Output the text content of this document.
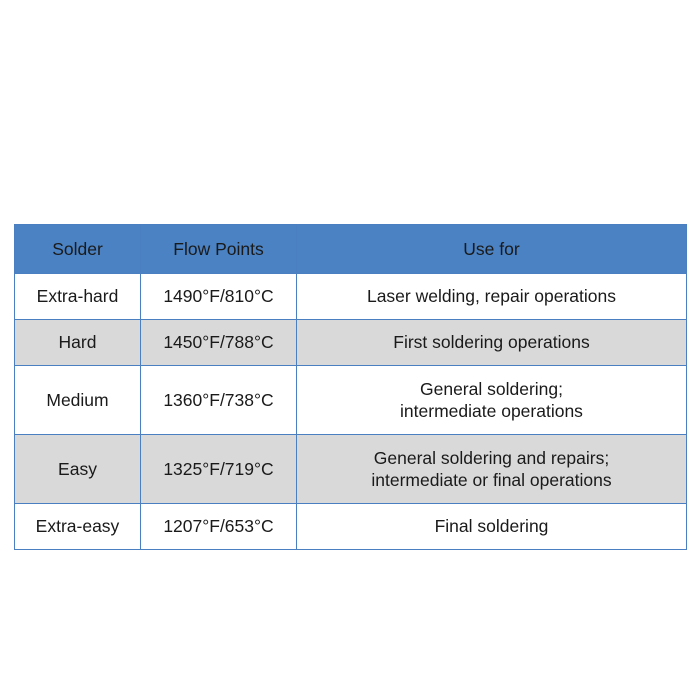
Solder	Flow Points	Use for
Extra-hard	1490°F/810°C	Laser welding, repair operations

Hard	1450°F/788°C	First soldering operations

Medium	1360°F/738°C	General soldering;
intermediate operations

Easy	1325°F/719°C	General soldering and repairs;
intermediate or final operations

Extra-easy	1207°F/653°C	Final soldering
